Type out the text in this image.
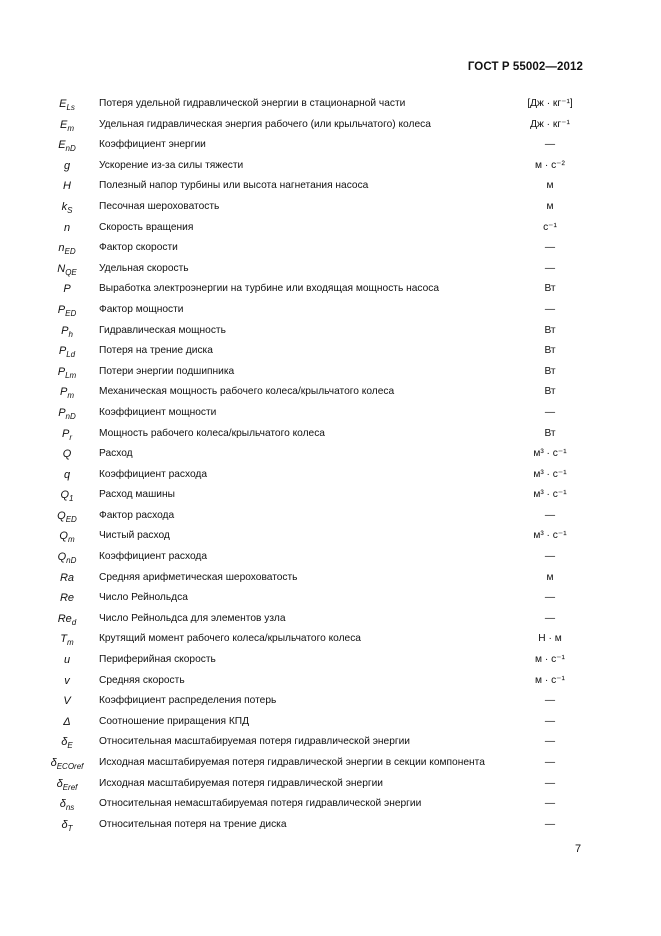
ГОСТ Р 55002—2012
$E_{Ls}$	Потеря удельной гидравлической энергии в стационарной части	[Дж · кг⁻¹]
$E_m$	Удельная гидравлическая энергия рабочего (или крыльчатого) колеса	Дж · кг⁻¹
$E_{nD}$	Коэффициент энергии	—
g	Ускорение из-за силы тяжести	м · с⁻²
H	Полезный напор турбины или высота нагнетания насоса	м
$k_S$	Песочная шероховатость	м
n	Скорость вращения	с⁻¹
$n_{ED}$	Фактор скорости	—
$N_{QE}$	Удельная скорость	—
P	Выработка электроэнергии на турбине или входящая мощность насоса	Вт
$P_{ED}$	Фактор мощности	—
$P_h$	Гидравлическая мощность	Вт
$P_{Ld}$	Потеря на трение диска	Вт
$P_{Lm}$	Потери энергии подшипника	Вт
$P_m$	Механическая мощность рабочего колеса/крыльчатого колеса	Вт
$P_{nD}$	Коэффициент мощности	—
$P_r$	Мощность рабочего колеса/крыльчатого колеса	Вт
Q	Расход	м³ · с⁻¹
q	Коэффициент расхода	м³ · с⁻¹
$Q_1$	Расход машины	м³ · с⁻¹
$Q_{ED}$	Фактор расхода	—
$Q_m$	Чистый расход	м³ · с⁻¹
$Q_{nD}$	Коэффициент расхода	—
Ra	Средняя арифметическая шероховатость	м
Re	Число Рейнольдса	—
$Re_d$	Число Рейнольдса для элементов узла	—
$T_m$	Крутящий момент рабочего колеса/крыльчатого колеса	Н · м
u	Периферийная скорость	м · с⁻¹
v	Средняя скорость	м · с⁻¹
V	Коэффициент распределения потерь	—
Δ	Соотношение приращения КПД	—
$\delta_E$	Относительная масштабируемая потеря гидравлической энергии	—
$\delta_{ECOref}$	Исходная масштабируемая потеря гидравлической энергии в секции компонента	—
$\delta_{Eref}$	Исходная масштабируемая потеря гидравлической энергии	—
$\delta_{ns}$	Относительная немасштабируемая потеря гидравлической энергии	—
$\delta_T$	Относительная потеря на трение диска	—
7
